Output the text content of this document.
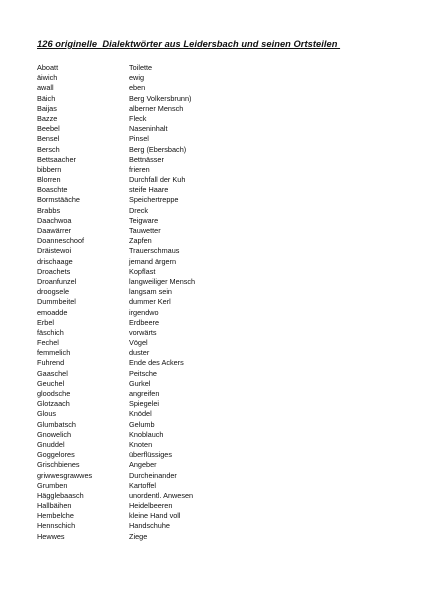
126 originelle  Dialektwörter aus Leidersbach und seinen Ortsteilen
Aboatt	Toilette
äiwich	ewig
awall	eben
Bäich	Berg Volkersbrunn)
Baijas	alberner Mensch
Bazze	Fleck
Beebel	Naseninhalt
Bensel	Pinsel
Bersch	Berg (Ebersbach)
Bettsaacher	Bettnässer
bibbern	frieren
Blorren	Durchfall der Kuh
Boaschte	steife Haare
Bormstääche	Speichertreppe
Brabbs	Dreck
Daachwoa	Teigware
Daawärrer	Tauwetter
Doanneschoof	Zapfen
Dräistewoi	Trauerschmaus
drischaage	jemand ärgern
Droachets	Kopflast
Droanfunzel	langweiliger Mensch
droogsele	langsam sein
Dummbeitel	dummer Kerl
emoadde	irgendwo
Erbel	Erdbeere
fäschich	vorwärts
Fechel	Vögel
femmelich	duster
Fuhrend	Ende des Ackers
Gaaschel	Peitsche
Geuchel	Gurkel
gloodsche	angreifen
Glotzaach	Spiegelei
Glous	Knödel
Glumbatsch	Gelumb
Gnowelich	Knoblauch
Gnuddel	Knoten
Goggelores	überflüssiges
Grischbienes	Angeber
griwwesgrawwes	Durcheinander
Grumben	Kartoffel
Hägglebaasch	unordentl. Anwesen
Hallbäihen	Heidelbeeren
Hembelche	kleine Hand voll
Hennschich	Handschuhe
Hewwes	Ziege
